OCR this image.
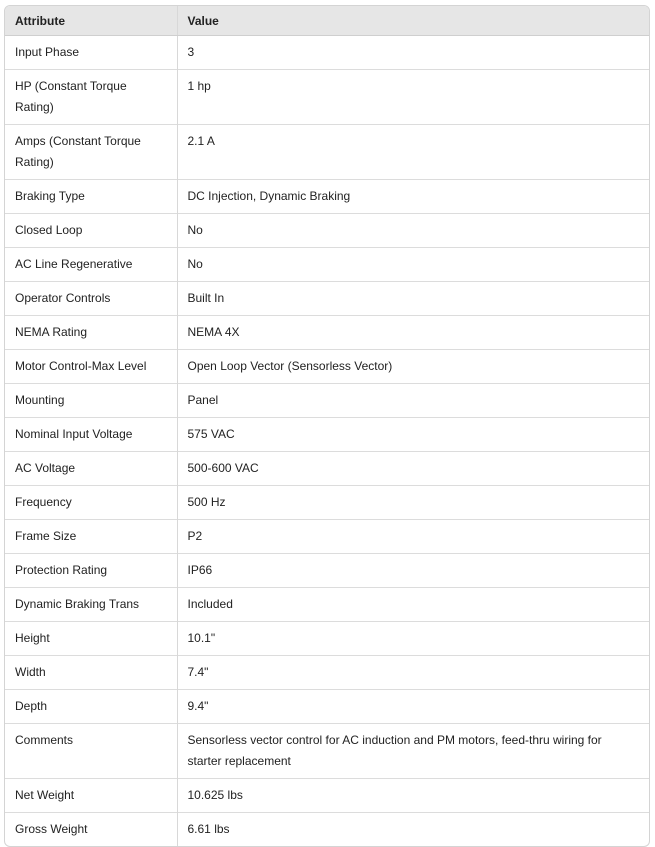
Attribute	Value
Input Phase	3
HP (Constant Torque Rating)	1 hp
Amps (Constant Torque Rating)	2.1 A
Braking Type	DC Injection, Dynamic Braking
Closed Loop	No
AC Line Regenerative	No
Operator Controls	Built In
NEMA Rating	NEMA 4X
Motor Control-Max Level	Open Loop Vector (Sensorless Vector)
Mounting	Panel
Nominal Input Voltage	575 VAC
AC Voltage	500-600 VAC
Frequency	500 Hz
Frame Size	P2
Protection Rating	IP66
Dynamic Braking Trans	Included
Height	10.1"
Width	7.4"
Depth	9.4"
Comments	Sensorless vector control for AC induction and PM motors, feed-thru wiring for starter replacement
Net Weight	10.625 lbs
Gross Weight	6.61 lbs
